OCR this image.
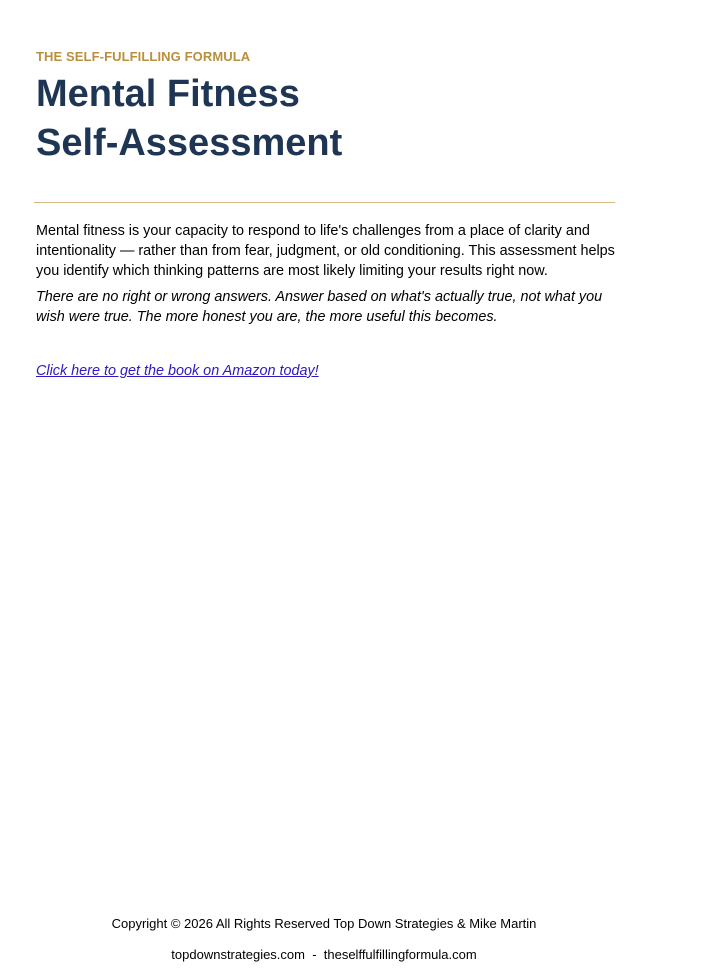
THE SELF-FULFILLING FORMULA
Mental Fitness
Self-Assessment

Mental fitness is your capacity to respond to life's challenges from a place of clarity and intentionality — rather than from fear, judgment, or old conditioning. This assessment helps you identify which thinking patterns are most likely limiting your results right now.

There are no right or wrong answers. Answer based on what's actually true, not what you wish were true. The more honest you are, the more useful this becomes.

Click here to get the book on Amazon today!
Copyright © 2026 All Rights Reserved Top Down Strategies & Mike Martin
topdownstrategies.com  -  theselffulfillingformula.com
